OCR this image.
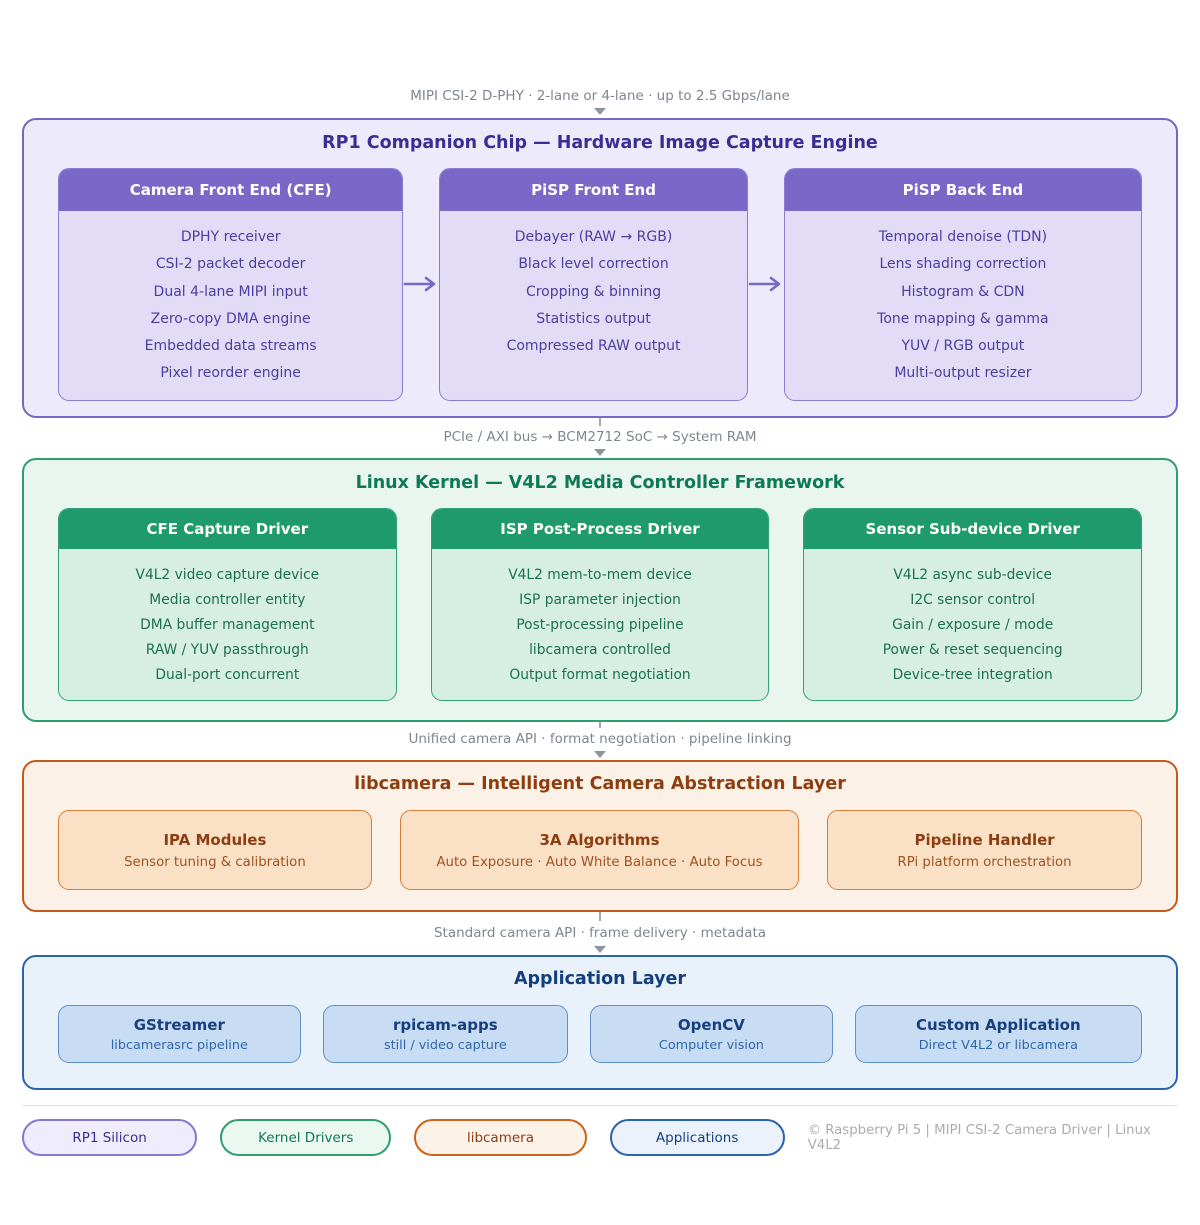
MIPI CSI-2 D-PHY · 2-lane or 4-lane · up to 2.5 Gbps/lane
RP1 Companion Chip — Hardware Image Capture Engine
Camera Front End (CFE)
DPHY receiver
CSI-2 packet decoder
Dual 4-lane MIPI input
Zero-copy DMA engine
Embedded data streams
Pixel reorder engine
PiSP Front End
Debayer (RAW → RGB)
Black level correction
Cropping & binning
Statistics output
Compressed RAW output
PiSP Back End
Temporal denoise (TDN)
Lens shading correction
Histogram & CDN
Tone mapping & gamma
YUV / RGB output
Multi-output resizer
PCIe / AXI bus → BCM2712 SoC → System RAM
Linux Kernel — V4L2 Media Controller Framework
CFE Capture Driver
V4L2 video capture device
Media controller entity
DMA buffer management
RAW / YUV passthrough
Dual-port concurrent
ISP Post-Process Driver
V4L2 mem-to-mem device
ISP parameter injection
Post-processing pipeline
libcamera controlled
Output format negotiation
Sensor Sub-device Driver
V4L2 async sub-device
I2C sensor control
Gain / exposure / mode
Power & reset sequencing
Device-tree integration
Unified camera API · format negotiation · pipeline linking
libcamera — Intelligent Camera Abstraction Layer
IPA Modules
Sensor tuning & calibration
3A Algorithms
Auto Exposure · Auto White Balance · Auto Focus
Pipeline Handler
RPi platform orchestration
Standard camera API · frame delivery · metadata
Application Layer
GStreamer
libcamerasrc pipeline
rpicam-apps
still / video capture
OpenCV
Computer vision
Custom Application
Direct V4L2 or libcamera
RP1 Silicon	Kernel Drivers	libcamera	Applications	© Raspberry Pi 5 | MIPI CSI-2 Camera Driver | Linux V4L2
